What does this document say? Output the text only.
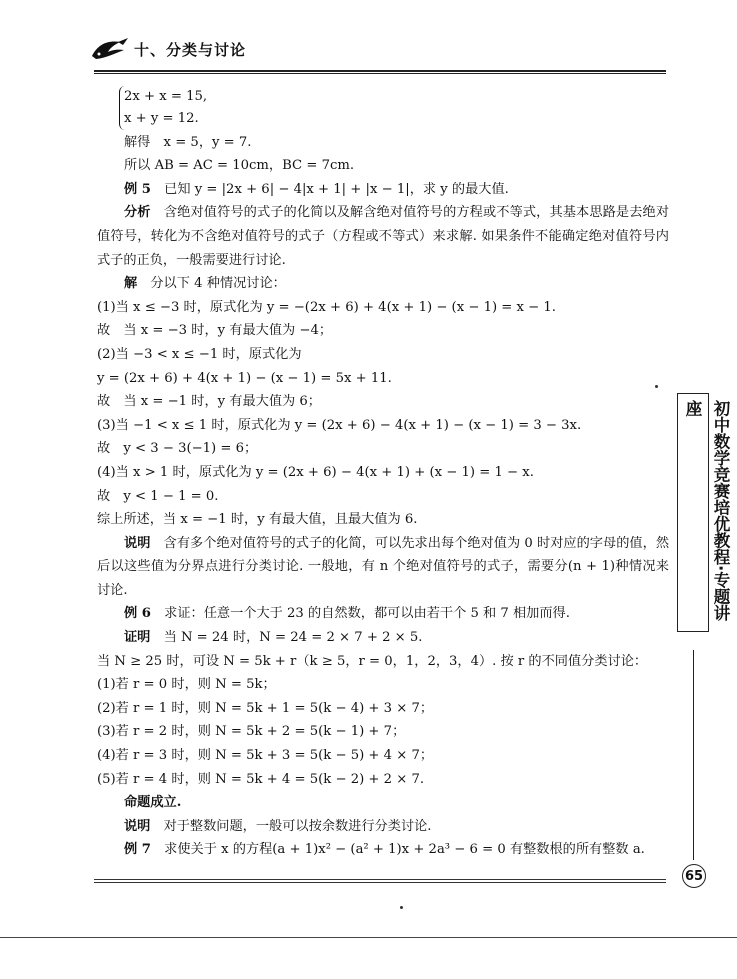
十、分类与讨论
2x + x = 15,
x + y = 12.
解得　x = 5，y = 7.
所以 AB = AC = 10cm，BC = 7cm.
例 5　 已知 y = |2x + 6| − 4|x + 1| + |x − 1|，求 y 的最大值.
分析　 含绝对值符号的式子的化简以及解含绝对值符号的方程或不等式，其基本思路是去绝对值符号，转化为不含绝对值符号的式子（方程或不等式）来求解. 如果条件不能确定绝对值符号内式子的正负，一般需要进行讨论.
解　 分以下 4 种情况讨论：
(1)当 x ≤ −3 时，原式化为 y = −(2x + 6) + 4(x + 1) − (x − 1) = x − 1.
故　当 x = −3 时，y 有最大值为 −4；
(2)当 −3 < x ≤ −1 时，原式化为
y = (2x + 6) + 4(x + 1) − (x − 1) = 5x + 11.
故　当 x = −1 时，y 有最大值为 6；
(3)当 −1 < x ≤ 1 时，原式化为 y = (2x + 6) − 4(x + 1) − (x − 1) = 3 − 3x.
故　y < 3 − 3(−1) = 6；
(4)当 x > 1 时，原式化为 y = (2x + 6) − 4(x + 1) + (x − 1) = 1 − x.
故　y < 1 − 1 = 0.
综上所述，当 x = −1 时，y 有最大值，且最大值为 6.
说明　 含有多个绝对值符号的式子的化简，可以先求出每个绝对值为 0 时对应的字母的值，然后以这些值为分界点进行分类讨论. 一般地，有 n 个绝对值符号的式子，需要分(n + 1)种情况来讨论.
例 6　 求证：任意一个大于 23 的自然数，都可以由若干个 5 和 7 相加而得.
证明　 当 N = 24 时，N = 24 = 2 × 7 + 2 × 5.
当 N ≥ 25 时，可设 N = 5k + r（k ≥ 5，r = 0，1，2，3，4）. 按 r 的不同值分类讨论：
(1)若 r = 0 时，则 N = 5k；
(2)若 r = 1 时，则 N = 5k + 1 = 5(k − 4) + 3 × 7；
(3)若 r = 2 时，则 N = 5k + 2 = 5(k − 1) + 7；
(4)若 r = 3 时，则 N = 5k + 3 = 5(k − 5) + 4 × 7；
(5)若 r = 4 时，则 N = 5k + 4 = 5(k − 2) + 2 × 7.
命题成立.
说明　 对于整数问题，一般可以按余数进行分类讨论.
例 7　 求使关于 x 的方程(a + 1)x² − (a² + 1)x + 2a³ − 6 = 0 有整数根的所有整数 a.
初中数学竞赛培优教程·专题讲座
65
